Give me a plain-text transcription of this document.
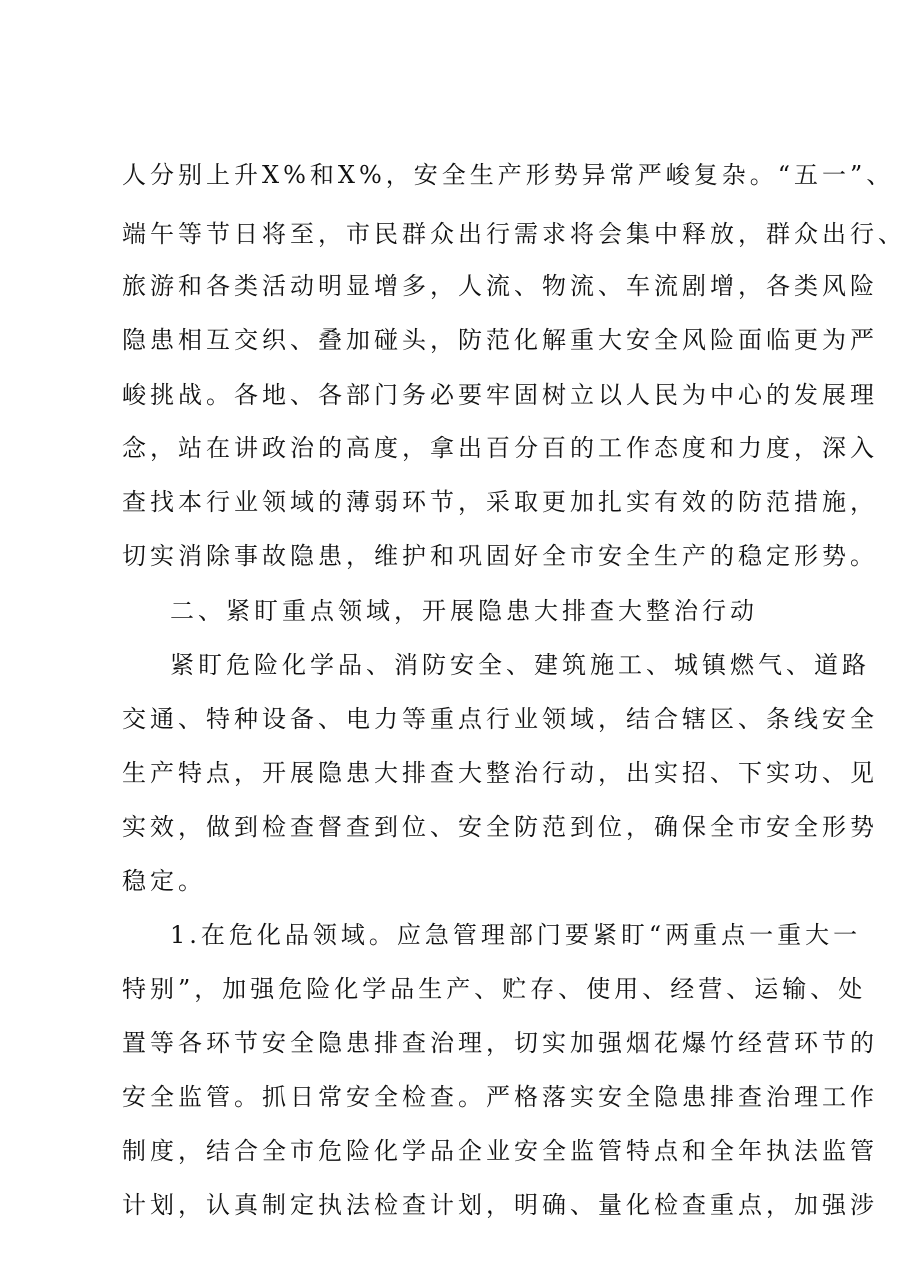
人分别上升X%和X%，安全生产形势异常严峻复杂。“五一”、
端午等节日将至，市民群众出行需求将会集中释放，群众出行、
旅游和各类活动明显增多，人流、物流、车流剧增，各类风险
隐患相互交织、叠加碰头，防范化解重大安全风险面临更为严
峻挑战。各地、各部门务必要牢固树立以人民为中心的发展理
念，站在讲政治的高度，拿出百分百的工作态度和力度，深入
查找本行业领域的薄弱环节，采取更加扎实有效的防范措施，
切实消除事故隐患，维护和巩固好全市安全生产的稳定形势。
二、紧盯重点领域，开展隐患大排查大整治行动
紧盯危险化学品、消防安全、建筑施工、城镇燃气、道路
交通、特种设备、电力等重点行业领域，结合辖区、条线安全
生产特点，开展隐患大排查大整治行动，出实招、下实功、见
实效，做到检查督查到位、安全防范到位，确保全市安全形势
稳定。
1.在危化品领域。应急管理部门要紧盯“两重点一重大一
特别”，加强危险化学品生产、贮存、使用、经营、运输、处
置等各环节安全隐患排查治理，切实加强烟花爆竹经营环节的
安全监管。抓日常安全检查。严格落实安全隐患排查治理工作
制度，结合全市危险化学品企业安全监管特点和全年执法监管
计划，认真制定执法检查计划，明确、量化检查重点，加强涉
